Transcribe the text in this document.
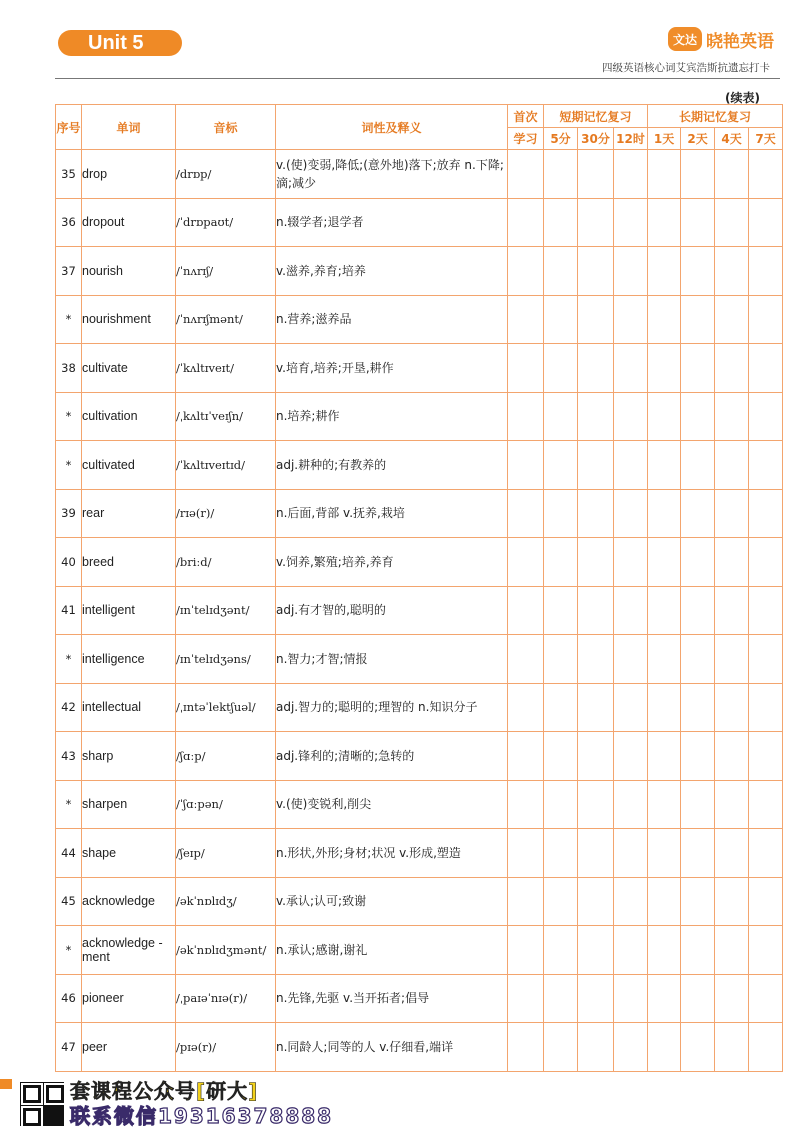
Unit 5	文达 晓艳英语
四级英语核心词艾宾浩斯抗遗忘打卡
(续表)
序号	单词	音标	词性及释义	首次	短期记忆复习			长期记忆复习			
				学习	5分	30分	12时	1天	2天	4天	7天
35	drop	/drɒp/	v.(使)变弱,降低;(意外地)落下;放弃 n.下降;滴;减少								
36	dropout	/ˈdrɒpaʊt/	n.辍学者;退学者								
37	nourish	/ˈnʌrɪʃ/	v.滋养,养育;培养								
*	nourishment	/ˈnʌrɪʃmənt/	n.营养;滋养品								
38	cultivate	/ˈkʌltɪveɪt/	v.培育,培养;开垦,耕作								
*	cultivation	/ˌkʌltɪˈveɪʃn/	n.培养;耕作								
*	cultivated	/ˈkʌltɪveɪtɪd/	adj.耕种的;有教养的								
39	rear	/rɪə(r)/	n.后面,背部 v.抚养,栽培								
40	breed	/briːd/	v.饲养,繁殖;培养,养育								
41	intelligent	/ɪnˈtelɪdʒənt/	adj.有才智的,聪明的								
*	intelligence	/ɪnˈtelɪdʒəns/	n.智力;才智;情报								
42	intellectual	/ˌɪntəˈlektʃuəl/	adj.智力的;聪明的;理智的 n.知识分子								
43	sharp	/ʃɑːp/	adj.锋利的;清晰的;急转的								
*	sharpen	/ˈʃɑːpən/	v.(使)变锐利,削尖								
44	shape	/ʃeɪp/	n.形状,外形;身材;状况 v.形成,塑造								
45	acknowledge	/əkˈnɒlɪdʒ/	v.承认;认可;致谢								
*	acknowledge -ment	/əkˈnɒlɪdʒmənt/	n.承认;感谢,谢礼								
46	pioneer	/ˌpaɪəˈnɪə(r)/	n.先锋,先驱 v.当开拓者;倡导								
47	peer	/pɪə(r)/	n.同龄人;同等的人 v.仔细看,端详								
套课程公众号[研大]
联系微信19316378888
